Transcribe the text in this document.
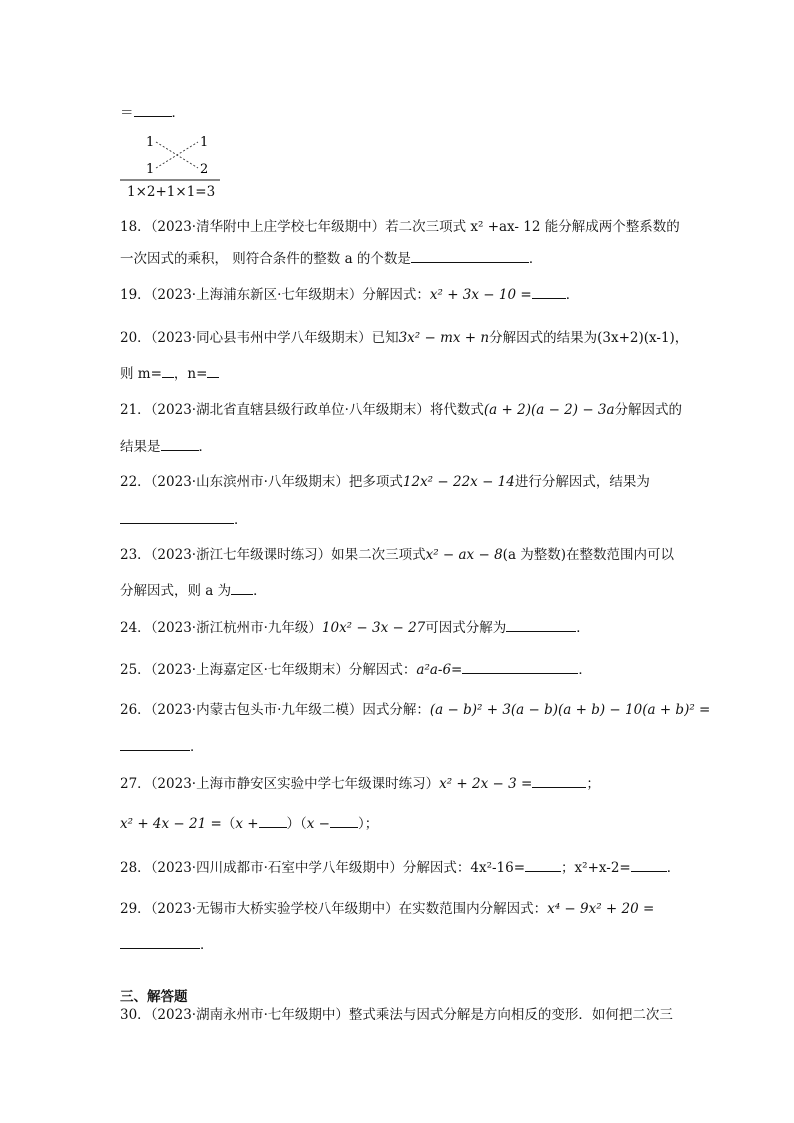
＝	．
1	1
1	2
1×2+1×1=3
18．（2023·清华附中上庄学校七年级期中）若二次三项式 x² +ax- 12 能分解成两个整系数的
一次因式的乘积， 则符合条件的整数 a 的个数是	．
19．（2023·上海浦东新区·七年级期末）分解因式：x² + 3x − 10 =	．
20．（2023·同心县韦州中学八年级期末）已知3x² − mx + n分解因式的结果为(3x+2)(x-1)，
则 m= ，n=
21．（2023·湖北省直辖县级行政单位·八年级期末）将代数式(a + 2)(a − 2) − 3a分解因式的
结果是	．
22．（2023·山东滨州市·八年级期末）把多项式12x² − 22x − 14进行分解因式，结果为
．
23．（2023·浙江七年级课时练习）如果二次三项式x² − ax − 8(a 为整数)在整数范围内可以
分解因式，则 a 为 ．
24．（2023·浙江杭州市·九年级）10x² − 3x − 27可因式分解为	．
25．（2023·上海嘉定区·七年级期末）分解因式：a²a-6=	．
26．（2023·内蒙古包头市·九年级二模）因式分解：(a − b)² + 3(a − b)(a + b) − 10(a + b)² =
．
27．（2023·上海市静安区实验中学七年级课时练习）x² + 2x − 3 =	；
x² + 4x − 21 =（x + ）（x − ）；
28．（2023·四川成都市·石室中学八年级期中）分解因式：4x²-16=	；x²+x-2=	．
29．（2023·无锡市大桥实验学校八年级期中）在实数范围内分解因式：x⁴ − 9x² + 20 =
．
三、解答题
30．（2023·湖南永州市·七年级期中）整式乘法与因式分解是方向相反的变形．如何把二次三
